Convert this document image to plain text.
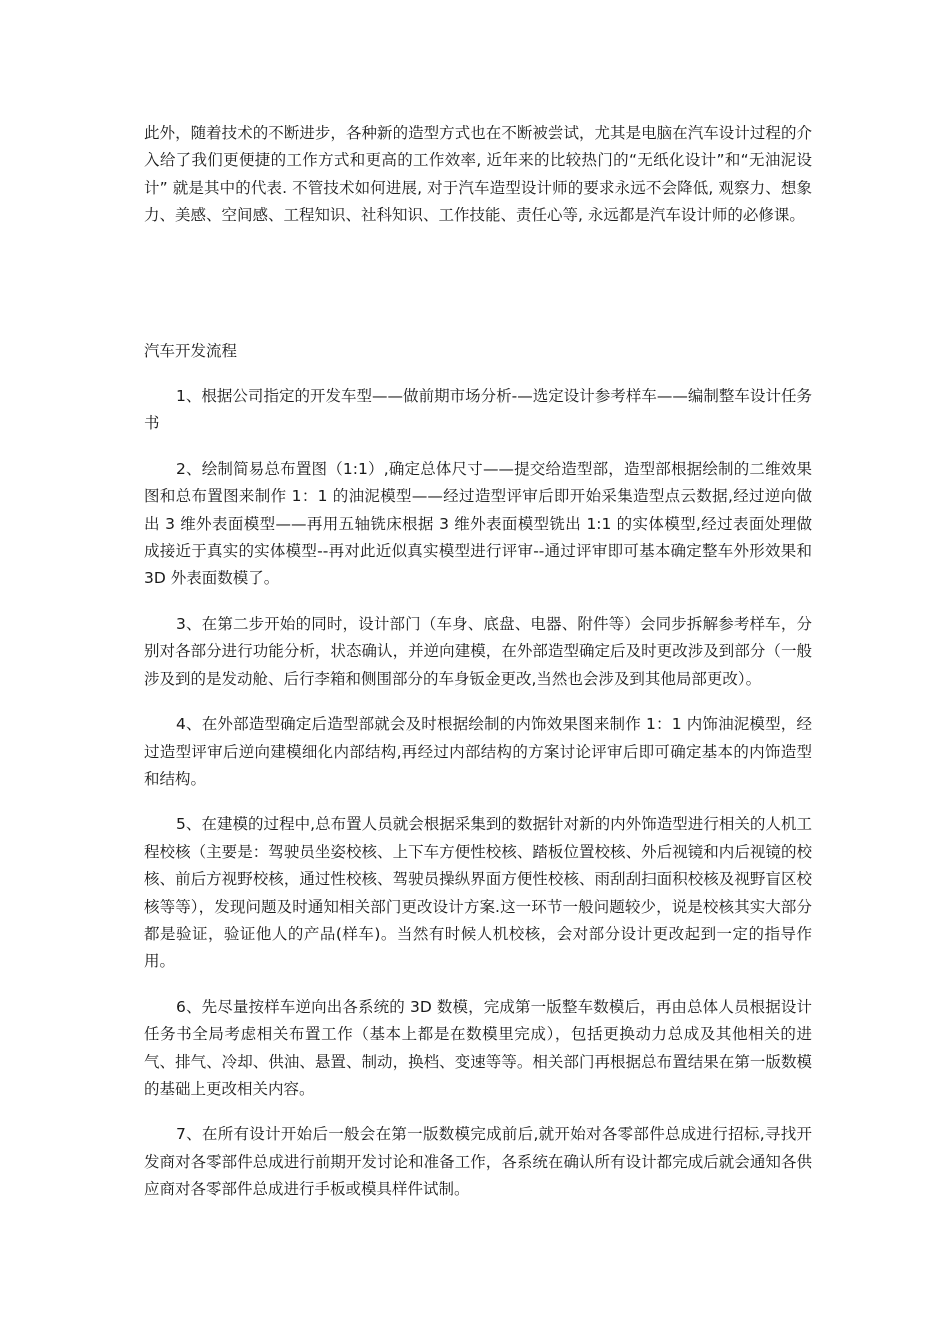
此外，随着技术的不断进步，各种新的造型方式也在不断被尝试，尤其是电脑在汽车设计过程的介入给了我们更便捷的工作方式和更高的工作效率, 近年来的比较热门的“无纸化设计”和“无油泥设计” 就是其中的代表. 不管技术如何进展, 对于汽车造型设计师的要求永远不会降低, 观察力、想象力、美感、空间感、工程知识、社科知识、工作技能、责任心等, 永远都是汽车设计师的必修课。

汽车开发流程

1、根据公司指定的开发车型——做前期市场分析-—选定设计参考样车——编制整车设计任务书

2、绘制简易总布置图（1:1）,确定总体尺寸——提交给造型部，造型部根据绘制的二维效果图和总布置图来制作 1：1 的油泥模型——经过造型评审后即开始采集造型点云数据,经过逆向做出 3 维外表面模型——再用五轴铣床根据 3 维外表面模型铣出 1:1 的实体模型,经过表面处理做成接近于真实的实体模型--再对此近似真实模型进行评审--通过评审即可基本确定整车外形效果和 3D 外表面数模了。

3、在第二步开始的同时，设计部门（车身、底盘、电器、附件等）会同步拆解参考样车，分别对各部分进行功能分析，状态确认，并逆向建模，在外部造型确定后及时更改涉及到部分（一般涉及到的是发动舱、后行李箱和侧围部分的车身钣金更改,当然也会涉及到其他局部更改）。

4、在外部造型确定后造型部就会及时根据绘制的内饰效果图来制作 1：1 内饰油泥模型，经过造型评审后逆向建模细化内部结构,再经过内部结构的方案讨论评审后即可确定基本的内饰造型和结构。

5、在建模的过程中,总布置人员就会根据采集到的数据针对新的内外饰造型进行相关的人机工程校核（主要是：驾驶员坐姿校核、上下车方便性校核、踏板位置校核、外后视镜和内后视镜的校核、前后方视野校核，通过性校核、驾驶员操纵界面方便性校核、雨刮刮扫面积校核及视野盲区校核等等），发现问题及时通知相关部门更改设计方案.这一环节一般问题较少，说是校核其实大部分都是验证，验证他人的产品(样车)。当然有时候人机校核，会对部分设计更改起到一定的指导作用。

6、先尽量按样车逆向出各系统的 3D 数模，完成第一版整车数模后，再由总体人员根据设计任务书全局考虑相关布置工作（基本上都是在数模里完成），包括更换动力总成及其他相关的进气、排气、冷却、供油、悬置、制动，换档、变速等等。相关部门再根据总布置结果在第一版数模的基础上更改相关内容。

7、在所有设计开始后一般会在第一版数模完成前后,就开始对各零部件总成进行招标,寻找开发商对各零部件总成进行前期开发讨论和准备工作，各系统在确认所有设计都完成后就会通知各供应商对各零部件总成进行手板或模具样件试制。
